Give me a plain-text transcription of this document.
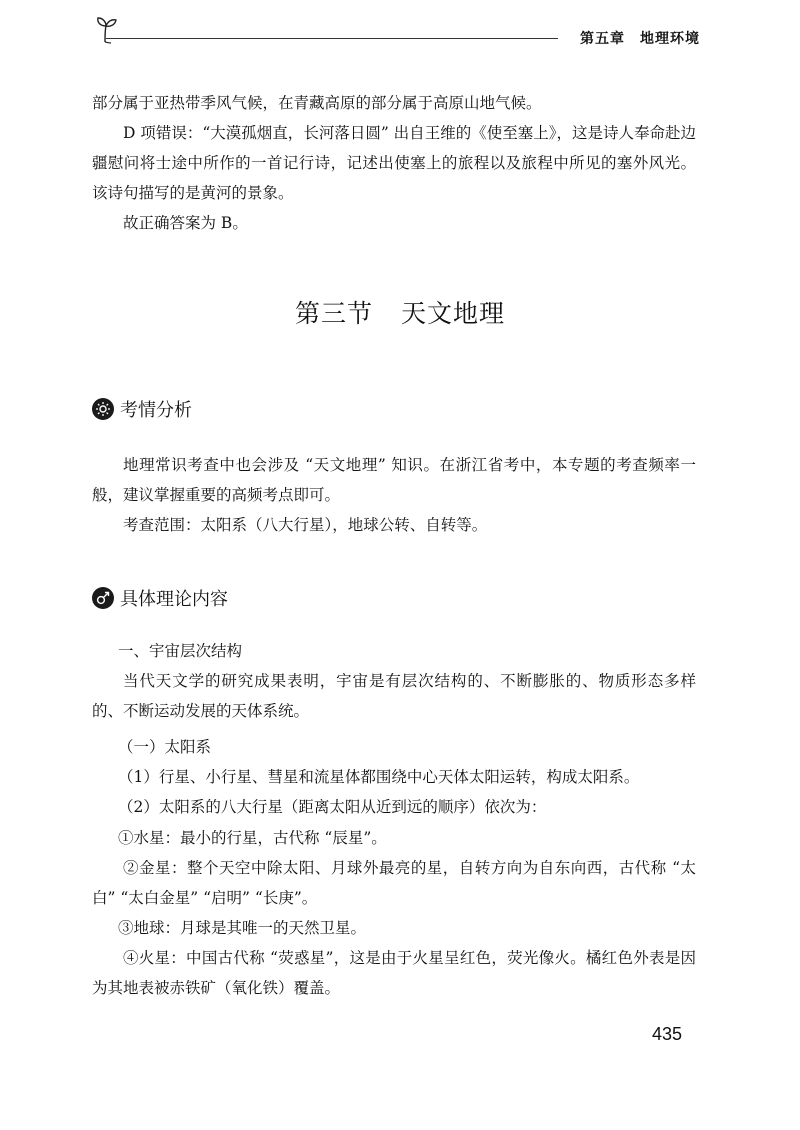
第五章　地理环境

部分属于亚热带季风气候，在青藏高原的部分属于高原山地气候。

D 项错误：“大漠孤烟直，长河落日圆” 出自王维的《使至塞上》，这是诗人奉命赴边疆慰问将士途中所作的一首记行诗，记述出使塞上的旅程以及旅程中所见的塞外风光。该诗句描写的是黄河的景象。

故正确答案为 B。

第三节 天文地理
考情分析

地理常识考查中也会涉及 “天文地理” 知识。在浙江省考中，本专题的考查频率一般，建议掌握重要的高频考点即可。

考查范围：太阳系（八大行星），地球公转、自转等。

具体理论内容
一、宇宙层次结构

当代天文学的研究成果表明，宇宙是有层次结构的、不断膨胀的、物质形态多样的、不断运动发展的天体系统。

（一）太阳系
（1）行星、小行星、彗星和流星体都围绕中心天体太阳运转，构成太阳系。
（2）太阳系的八大行星（距离太阳从近到远的顺序）依次为：
①水星：最小的行星，古代称 “辰星”。

②金星：整个天空中除太阳、月球外最亮的星，自转方向为自东向西，古代称 “太白” “太白金星” “启明” “长庚”。

③地球：月球是其唯一的天然卫星。

④火星：中国古代称 “荧惑星”，这是由于火星呈红色，荧光像火。橘红色外表是因为其地表被赤铁矿（氧化铁）覆盖。

435
